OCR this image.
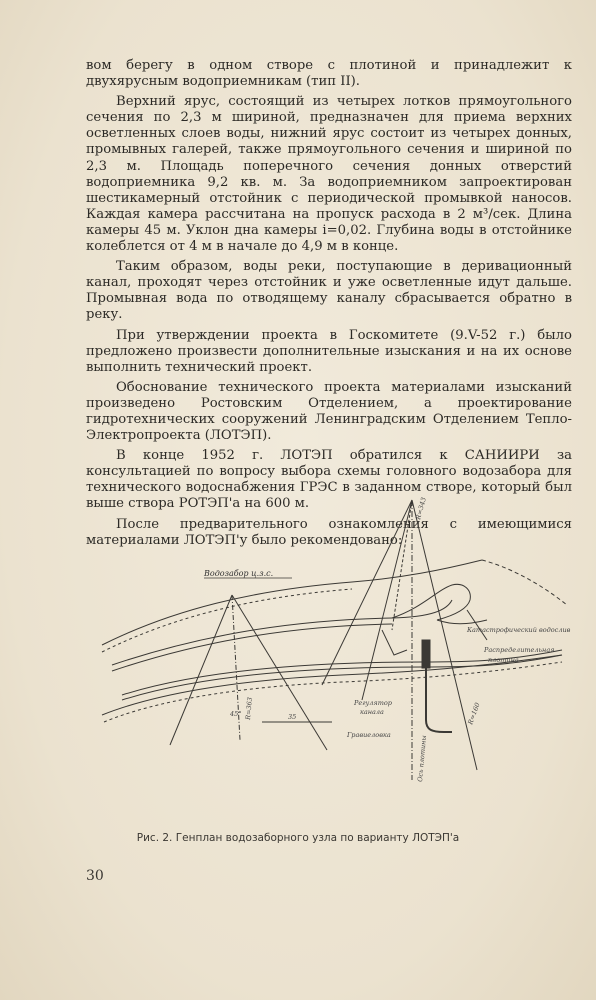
вом берегу в одном створе с плотиной и принадлежит к двухярусным водоприемникам (тип II).

Верхний ярус, состоящий из четырех лотков прямоугольного сечения по 2,3 м шириной, предназначен для приема верхних осветленных слоев воды, нижний ярус состоит из четырех донных, промывных галерей, также прямоугольного сечения и шириной по 2,3 м. Площадь поперечного сечения донных отверстий водоприемника 9,2 кв. м. За водоприемником запроектирован шестикамерный отстойник с периодической промывкой наносов. Каждая камера рассчитана на пропуск расхода в 2 м³/сек. Длина камеры 45 м. Уклон дна камеры i=0,02. Глубина воды в отстойнике колеблется от 4 м в начале до 4,9 м в конце.

Таким образом, воды реки, поступающие в деривационный канал, проходят через отстойник и уже осветленные идут дальше. Промывная вода по отводящему каналу сбрасывается обратно в реку.

При утверждении проекта в Госкомитете (9.V-52 г.) было предложено произвести дополнительные изыскания и на их основе выполнить технический проект.

Обоснование технического проекта материалами изысканий произведено Ростовским Отделением, а проектирование гидротехнических сооружений Ленинградским Отделением Тепло-Электропроекта (ЛОТЭП).

В конце 1952 г. ЛОТЭП обратился к САНИИРИ за консультацией по вопросу выбора схемы головного водозабора для технического водоснабжения ГРЭС в заданном створе, который был выше створа РОТЭП'а на 600 м.

После предварительного ознакомления с имеющимися материалами ЛОТЭП'у было рекомендовано:

Водозабор ц.з.с.
Катастрофический водослив
Распределительная
плотина
Регулятор
канала
Гравиеловка	Ось плотины
R=343
R=160
R=363
45°	35
Рис. 2. Генплан водозаборного узла по варианту ЛОТЭП'а
30
